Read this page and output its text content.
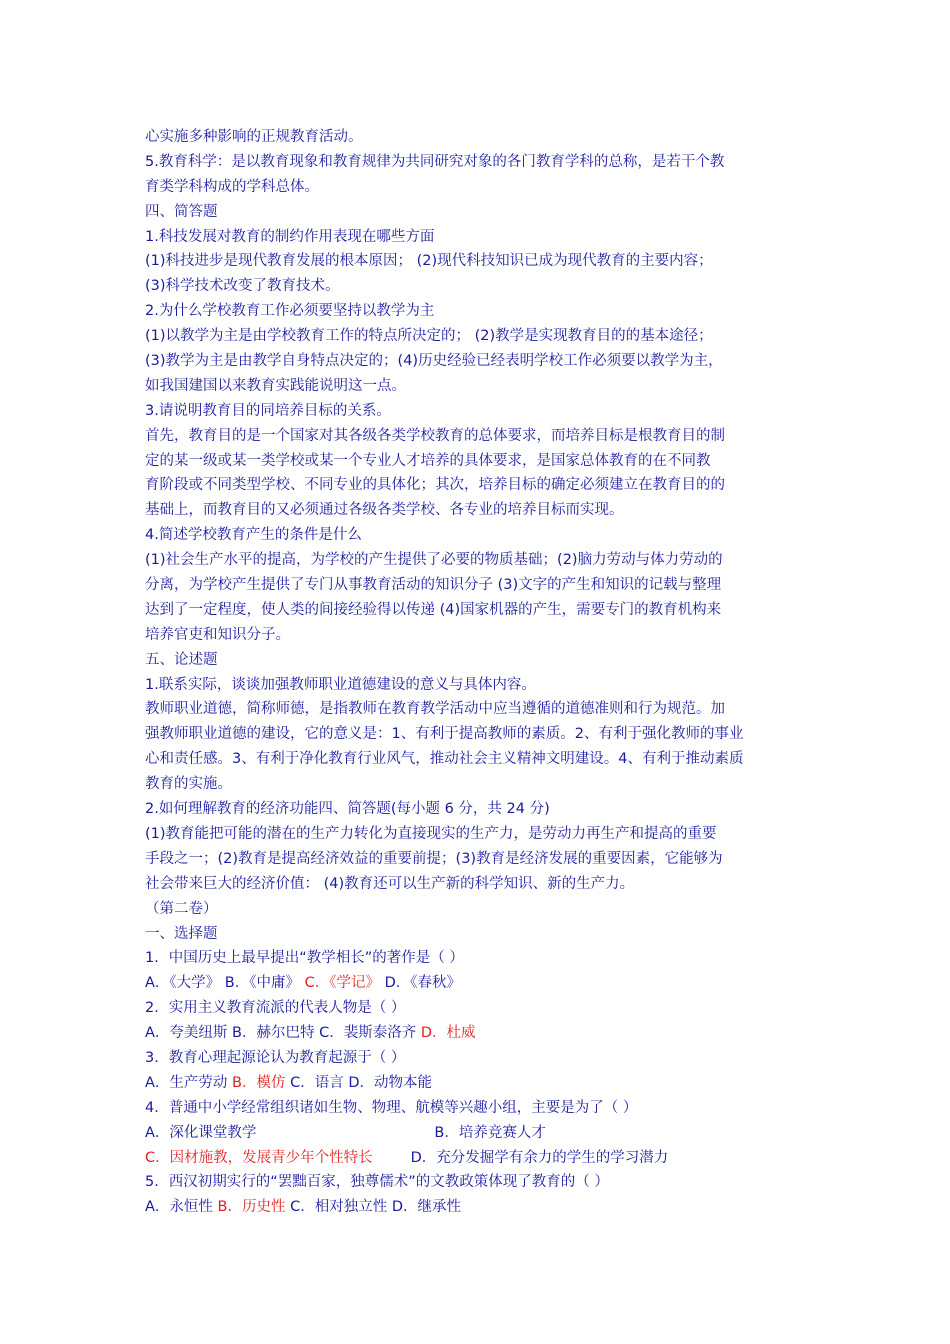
心实施多种影响的正规教育活动。
5.教育科学：是以教育现象和教育规律为共同研究对象的各门教育学科的总称，是若干个教
育类学科构成的学科总体。
四、简答题
1.科技发展对教育的制约作用表现在哪些方面
(1)科技进步是现代教育发展的根本原因； (2)现代科技知识已成为现代教育的主要内容；
(3)科学技术改变了教育技术。
2.为什么学校教育工作必须要坚持以教学为主
(1)以教学为主是由学校教育工作的特点所决定的； (2)教学是实现教育目的的基本途径；
(3)教学为主是由教学自身特点决定的；(4)历史经验已经表明学校工作必须要以教学为主，
如我国建国以来教育实践能说明这一点。
3.请说明教育目的同培养目标的关系。
首先，教育目的是一个国家对其各级各类学校教育的总体要求，而培养目标是根教育目的制
定的某一级或某一类学校或某一个专业人才培养的具体要求，是国家总体教育的在不同教
育阶段或不同类型学校、不同专业的具体化；其次，培养目标的确定必须建立在教育目的的
基础上，而教育目的又必须通过各级各类学校、各专业的培养目标而实现。
4.简述学校教育产生的条件是什么
(1)社会生产水平的提高，为学校的产生提供了必要的物质基础；(2)脑力劳动与体力劳动的
分离，为学校产生提供了专门从事教育活动的知识分子 (3)文字的产生和知识的记载与整理
达到了一定程度，使人类的间接经验得以传递 (4)国家机器的产生，需要专门的教育机构来
培养官吏和知识分子。
五、论述题
1.联系实际，谈谈加强教师职业道德建设的意义与具体内容。
教师职业道德，简称师德，是指教师在教育教学活动中应当遵循的道德准则和行为规范。加
强教师职业道德的建设，它的意义是：1、有利于提高教师的素质。2、有利于强化教师的事业
心和责任感。3、有利于净化教育行业风气，推动社会主义精神文明建设。4、有利于推动素质
教育的实施。
2.如何理解教育的经济功能四、简答题(每小题 6 分，共 24 分)
(1)教育能把可能的潜在的生产力转化为直接现实的生产力，是劳动力再生产和提高的重要
手段之一；(2)教育是提高经济效益的重要前提；(3)教育是经济发展的重要因素，它能够为
社会带来巨大的经济价值： (4)教育还可以生产新的科学知识、新的生产力。
（第二卷）
一、选择题
1．中国历史上最早提出“教学相长”的著作是（ ）
A．《大学》 B．《中庸》 C．《学记》 D．《春秋》
2．实用主义教育流派的代表人物是（ ）
A．夸美纽斯 B．赫尔巴特 C．裴斯泰洛齐 D．杜威
3．教育心理起源论认为教育起源于（ ）
A．生产劳动 B．模仿 C．语言 D．动物本能
4．普通中小学经常组织诸如生物、物理、航模等兴趣小组，主要是为了（ ）
A．深化课堂教学	B．培养竞赛人才
C．因材施教，发展青少年个性特长	D．充分发掘学有余力的学生的学习潜力
5．西汉初期实行的“罢黜百家，独尊儒术”的文教政策体现了教育的（ ）
A．永恒性 B．历史性 C．相对独立性 D．继承性
